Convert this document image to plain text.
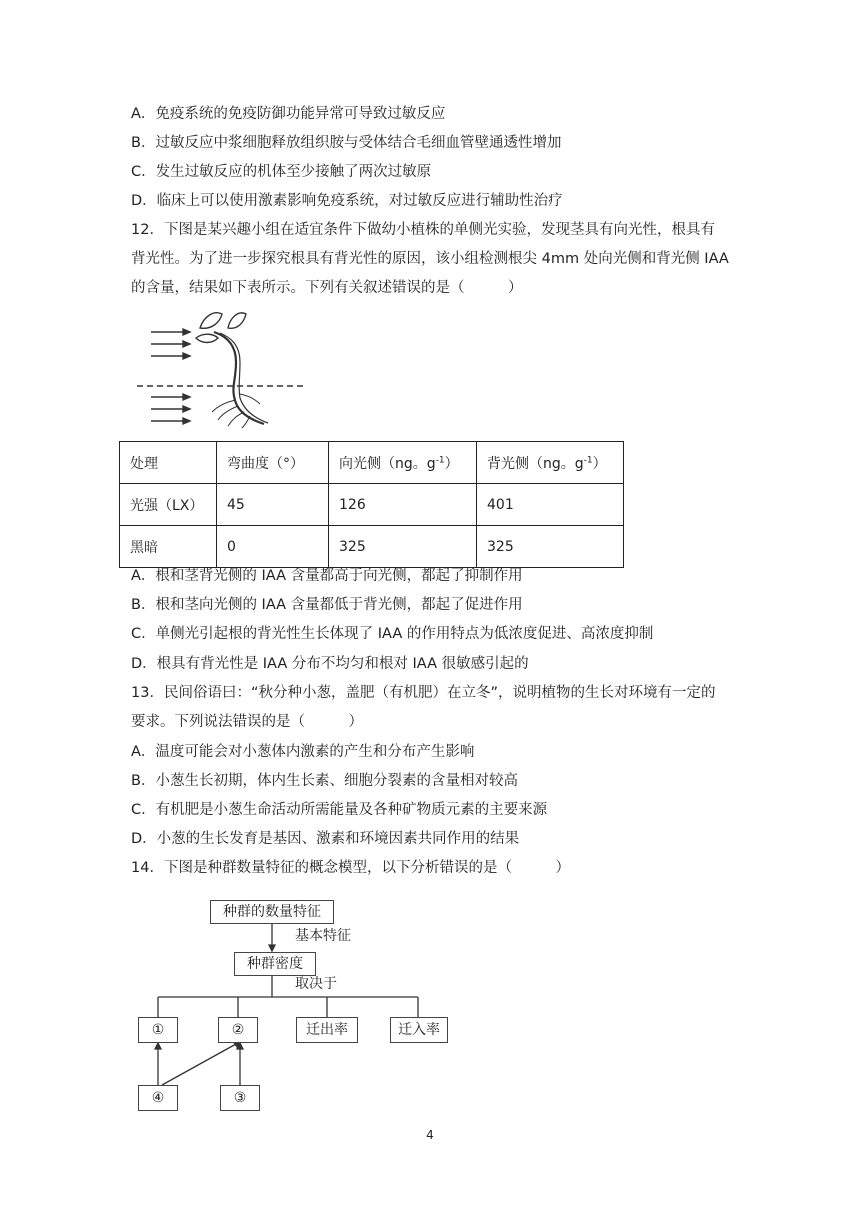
A．免疫系统的免疫防御功能异常可导致过敏反应
B．过敏反应中浆细胞释放组织胺与受体结合毛细血管壁通透性增加
C．发生过敏反应的机体至少接触了两次过敏原
D．临床上可以使用激素影响免疫系统，对过敏反应进行辅助性治疗
12．下图是某兴趣小组在适宜条件下做幼小植株的单侧光实验，发现茎具有向光性，根具有
背光性。为了进一步探究根具有背光性的原因，该小组检测根尖 4mm 处向光侧和背光侧 IAA
的含量，结果如下表所示。下列有关叙述错误的是（　　　）
处理	弯曲度（°）	向光侧（ng。$g^{-1}$）	背光侧（ng。$g^{-1}$）
光强（LX）	45	126	401
黑暗	0	325	325
A．根和茎背光侧的 IAA 含量都高于向光侧，都起了抑制作用
B．根和茎向光侧的 IAA 含量都低于背光侧，都起了促进作用
C．单侧光引起根的背光性生长体现了 IAA 的作用特点为低浓度促进、高浓度抑制
D．根具有背光性是 IAA 分布不均匀和根对 IAA 很敏感引起的
13．民间俗语曰：“秋分种小葱，盖肥（有机肥）在立冬”，说明植物的生长对环境有一定的
要求。下列说法错误的是（　　　）
A．温度可能会对小葱体内激素的产生和分布产生影响
B．小葱生长初期，体内生长素、细胞分裂素的含量相对较高
C．有机肥是小葱生命活动所需能量及各种矿物质元素的主要来源
D．小葱的生长发育是基因、激素和环境因素共同作用的结果
14．下图是种群数量特征的概念模型，以下分析错误的是（　　　）
种群的数量特征
基本特征
种群密度
取决于
①	②	迁出率	迁入率
④	③
4
